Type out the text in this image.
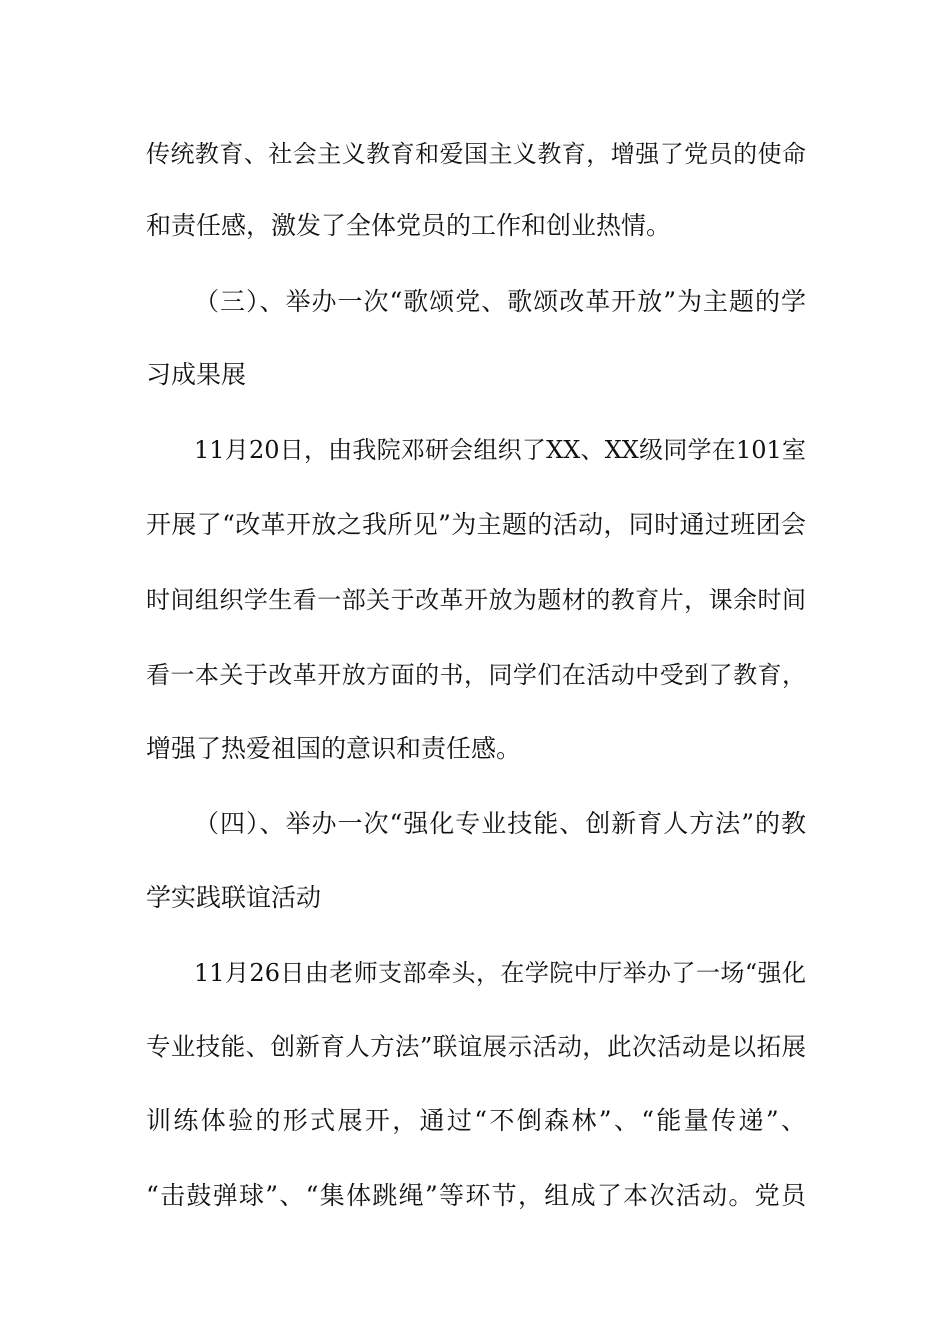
传统教育、社会主义教育和爱国主义教育，增强了党员的使命
和责任感，激发了全体党员的工作和创业热情。
（三）、举办一次“歌颂党、歌颂改革开放”为主题的学
习成果展
11月20日，由我院邓研会组织了XX、XX级同学在101室
开展了“改革开放之我所见”为主题的活动，同时通过班团会
时间组织学生看一部关于改革开放为题材的教育片，课余时间
看一本关于改革开放方面的书，同学们在活动中受到了教育，
增强了热爱祖国的意识和责任感。
（四）、举办一次“强化专业技能、创新育人方法”的教
学实践联谊活动
11月26日由老师支部牵头，在学院中厅举办了一场“强化
专业技能、创新育人方法”联谊展示活动，此次活动是以拓展
训练体验的形式展开，通过“不倒森林”、“能量传递”、
“击鼓弹球”、“集体跳绳”等环节，组成了本次活动。党员
